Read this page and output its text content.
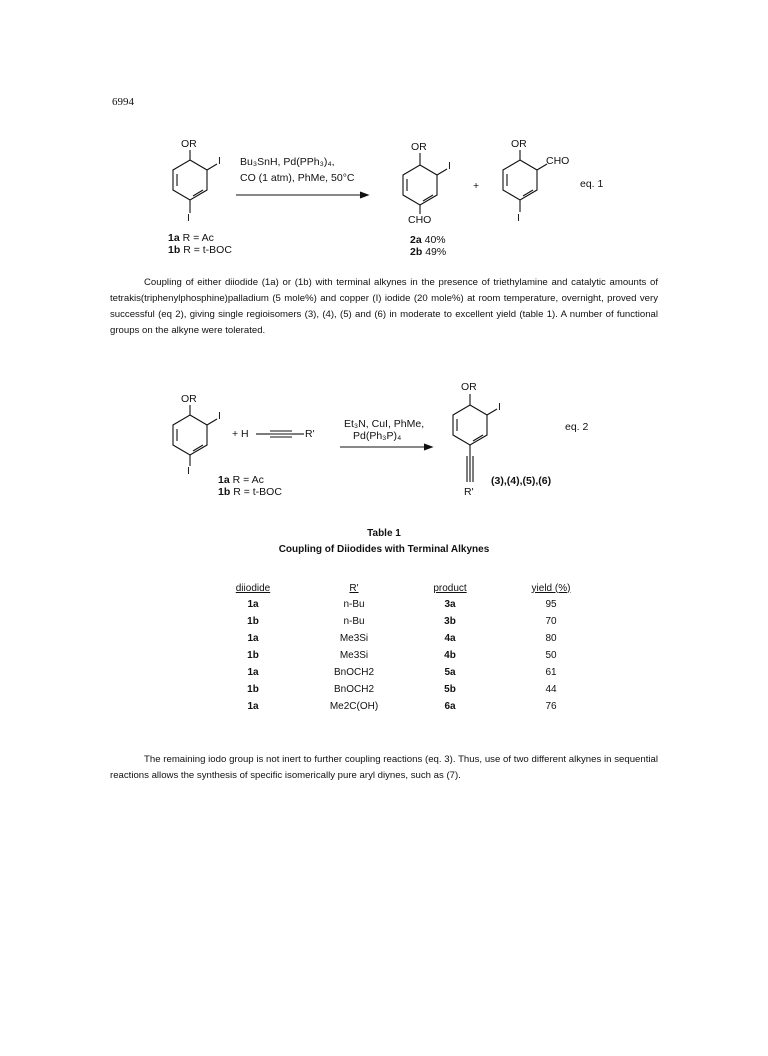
6994
OR
I
I
Bu₃SnH, Pd(PPh₃)₄,
CO (1 atm), PhMe, 50°C
1a R = Ac
1b R = t-BOC
OR
I
CHO
2a 40%
2b 49%
+
OR
CHO
I
eq. 1
Coupling of either diiodide (1a) or (1b) with terminal alkynes in the presence of triethylamine and catalytic amounts of tetrakis(triphenylphosphine)palladium (5 mole%) and copper (I) iodide (20 mole%) at room temperature, overnight, proved very successful (eq 2), giving single regioisomers (3), (4), (5) and (6) in moderate to excellent yield (table 1). A number of functional groups on the alkyne were tolerated.
OR
I
I
+ H	R'
Et₃N, CuI, PhMe,
Pd(Ph₃P)₄
1a R = Ac
1b R = t-BOC
OR
I
R'
(3),(4),(5),(6)
eq. 2
Table 1
Coupling of Diiodides with Terminal Alkynes
diiodide	R'	product	yield (%)
1a	n-Bu	3a	95
1b	n-Bu	3b	70
1a	Me3Si	4a	80
1b	Me3Si	4b	50
1a	BnOCH2	5a	61
1b	BnOCH2	5b	44
1a	Me2C(OH)	6a	76
The remaining iodo group is not inert to further coupling reactions (eq. 3). Thus, use of two different alkynes in sequential reactions allows the synthesis of specific isomerically pure aryl diynes, such as (7).
